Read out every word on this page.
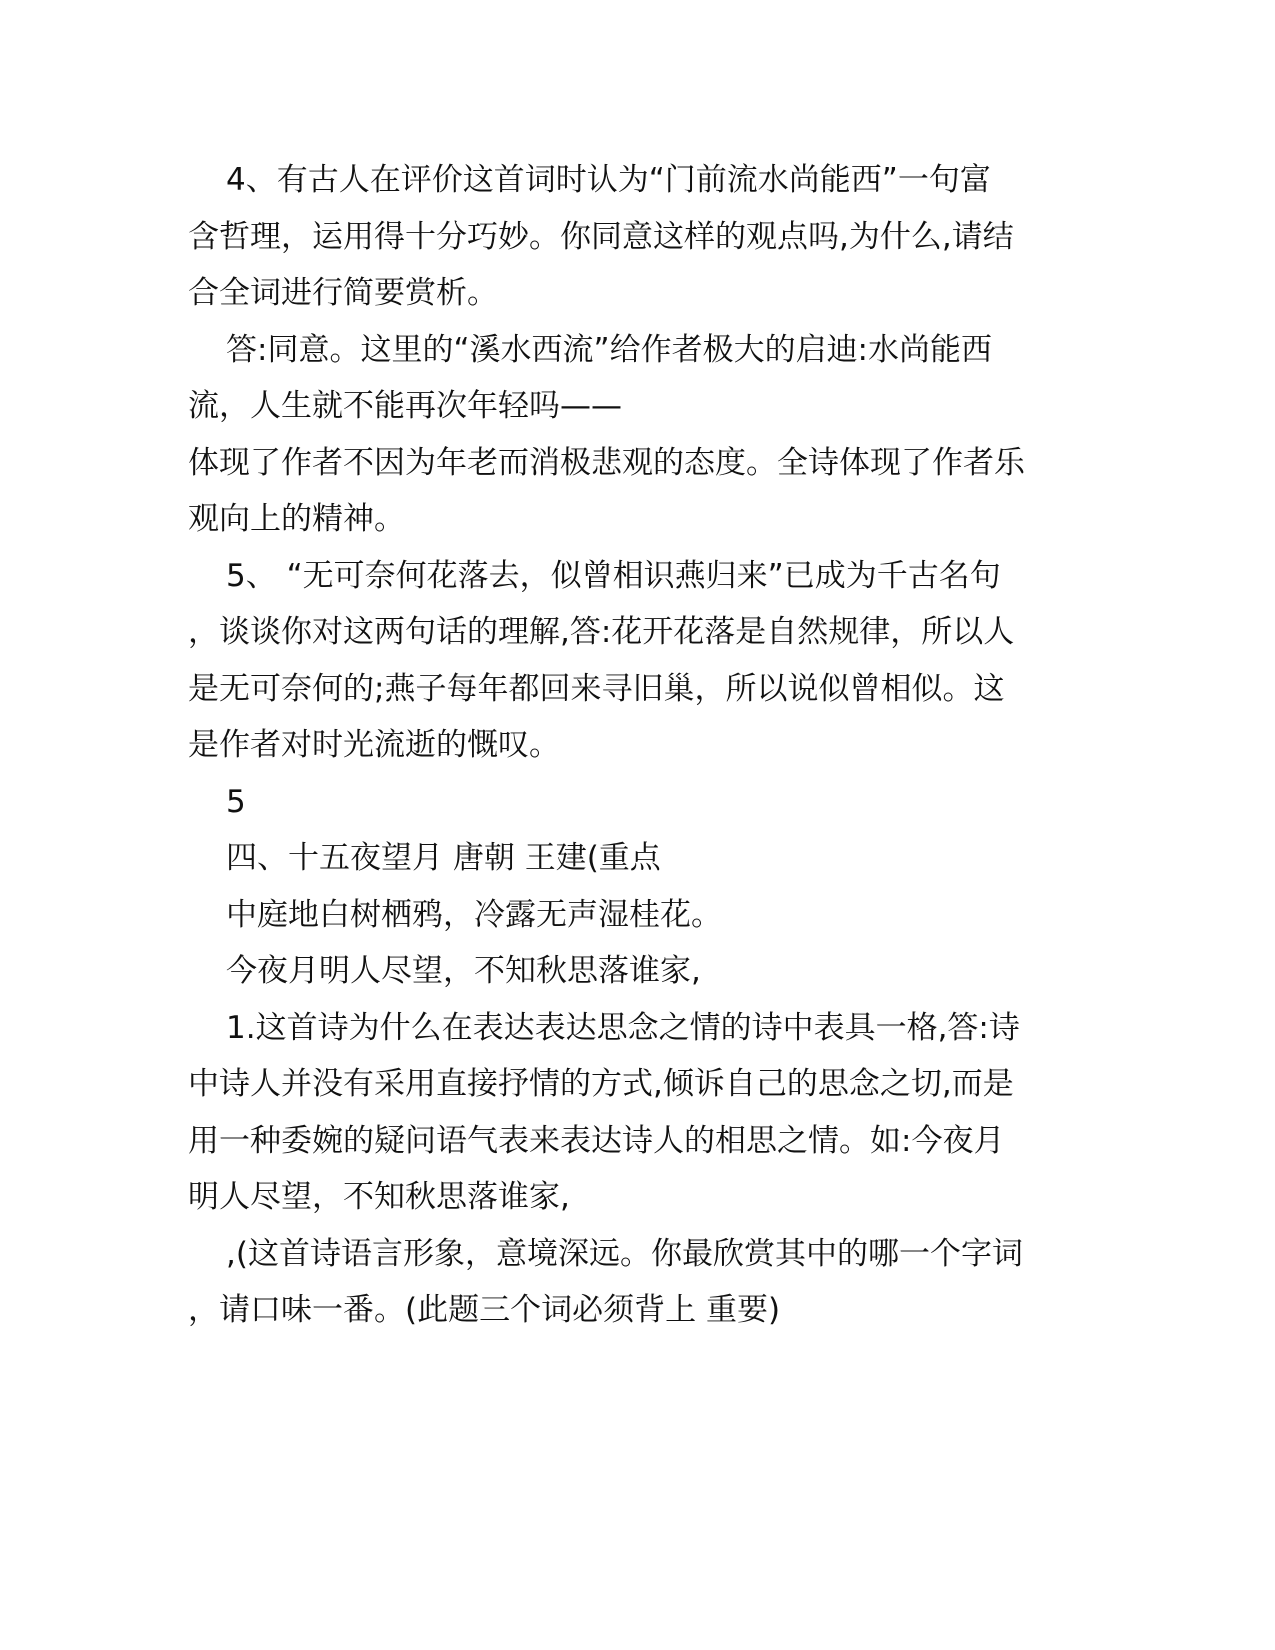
4、有古人在评价这首词时认为“门前流水尚能西”一句富
含哲理，运用得十分巧妙。你同意这样的观点吗,为什么,请结
合全词进行简要赏析。
答:同意。这里的“溪水西流”给作者极大的启迪:水尚能西
流，人生就不能再次年轻吗——
体现了作者不因为年老而消极悲观的态度。全诗体现了作者乐
观向上的精神。
5、 “无可奈何花落去，似曾相识燕归来”已成为千古名句
，谈谈你对这两句话的理解,答:花开花落是自然规律，所以人
是无可奈何的;燕子每年都回来寻旧巢，所以说似曾相似。这
是作者对时光流逝的慨叹。
5
四、十五夜望月 唐朝 王建(重点
中庭地白树栖鸦，冷露无声湿桂花。
今夜月明人尽望，不知秋思落谁家,
1.这首诗为什么在表达表达思念之情的诗中表具一格,答:诗
中诗人并没有采用直接抒情的方式,倾诉自己的思念之切,而是
用一种委婉的疑问语气表来表达诗人的相思之情。如:今夜月
明人尽望，不知秋思落谁家,
,(这首诗语言形象，意境深远。你最欣赏其中的哪一个字词
，请口味一番。(此题三个词必须背上 重要)
